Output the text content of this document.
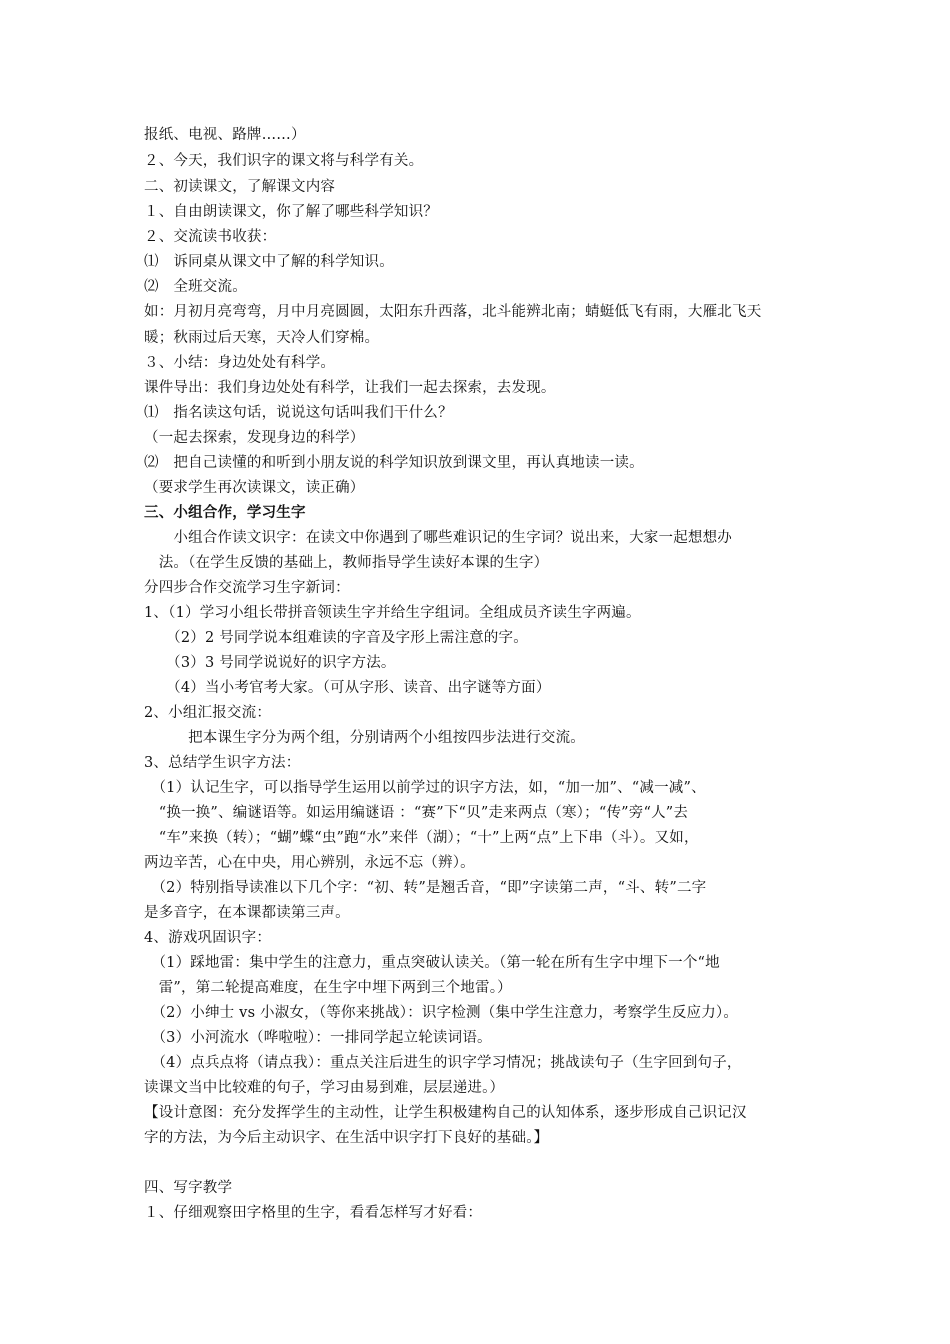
报纸、电视、路牌……）
２、今天，我们识字的课文将与科学有关。
二、初读课文，了解课文内容
１、自由朗读课文，你了解了哪些科学知识？
２、交流读书收获：
⑴　诉同桌从课文中了解的科学知识。
⑵　全班交流。
如：月初月亮弯弯，月中月亮圆圆，太阳东升西落，北斗能辨北南；蜻蜓低飞有雨，大雁北飞天
暖；秋雨过后天寒，天冷人们穿棉。
３、小结：身边处处有科学。
课件导出：我们身边处处有科学，让我们一起去探索，去发现。
⑴　指名读这句话，说说这句话叫我们干什么？
（一起去探索，发现身边的科学）
⑵　把自己读懂的和听到小朋友说的科学知识放到课文里，再认真地读一读。
（要求学生再次读课文，读正确）
三、小组合作，学习生字
　　小组合作读文识字：在读文中你遇到了哪些难识记的生字词？说出来，大家一起想想办
　法。（在学生反馈的基础上，教师指导学生读好本课的生字）
分四步合作交流学习生字新词：
1、（1）学习小组长带拼音领读生字并给生字组词。全组成员齐读生字两遍。
　　（2）2 号同学说本组难读的字音及字形上需注意的字。
　　（3）3 号同学说说好的识字方法。
　　（4）当小考官考大家。（可从字形、读音、出字谜等方面）
2、小组汇报交流：
　　　把本课生字分为两个组，分别请两个小组按四步法进行交流。
3、总结学生识字方法：
　（1）认记生字，可以指导学生运用以前学过的识字方法，如，“加一加”、“减一减”、
　“换一换”、编谜语等。如运用编谜语 ：“赛”下“贝”走来两点（寒）；“传”旁“人”去
　“车”来换（转）；“蝴”蝶“虫”跑“水”来伴（湖）；“十”上两“点”上下串（斗）。又如，
两边辛苦，心在中央，用心辨别，永远不忘（辨）。
　（2）特别指导读准以下几个字：“初、转”是翘舌音，“即”字读第二声，“斗、转”二字
是多音字，在本课都读第三声。
4、游戏巩固识字：
　（1）踩地雷：集中学生的注意力，重点突破认读关。（第一轮在所有生字中埋下一个“地
　雷”，第二轮提高难度，在生字中埋下两到三个地雷。）
　（2）小绅士 vs 小淑女，（等你来挑战）：识字检测（集中学生注意力，考察学生反应力）。
　（3）小河流水（哗啦啦）：一排同学起立轮读词语。
　（4）点兵点将（请点我）：重点关注后进生的识字学习情况；挑战读句子（生字回到句子，
读课文当中比较难的句子，学习由易到难，层层递进。）
【设计意图：充分发挥学生的主动性，让学生积极建构自己的认知体系，逐步形成自己识记汉
字的方法，为今后主动识字、在生活中识字打下良好的基础。】
四、写字教学
１、仔细观察田字格里的生字，看看怎样写才好看：
